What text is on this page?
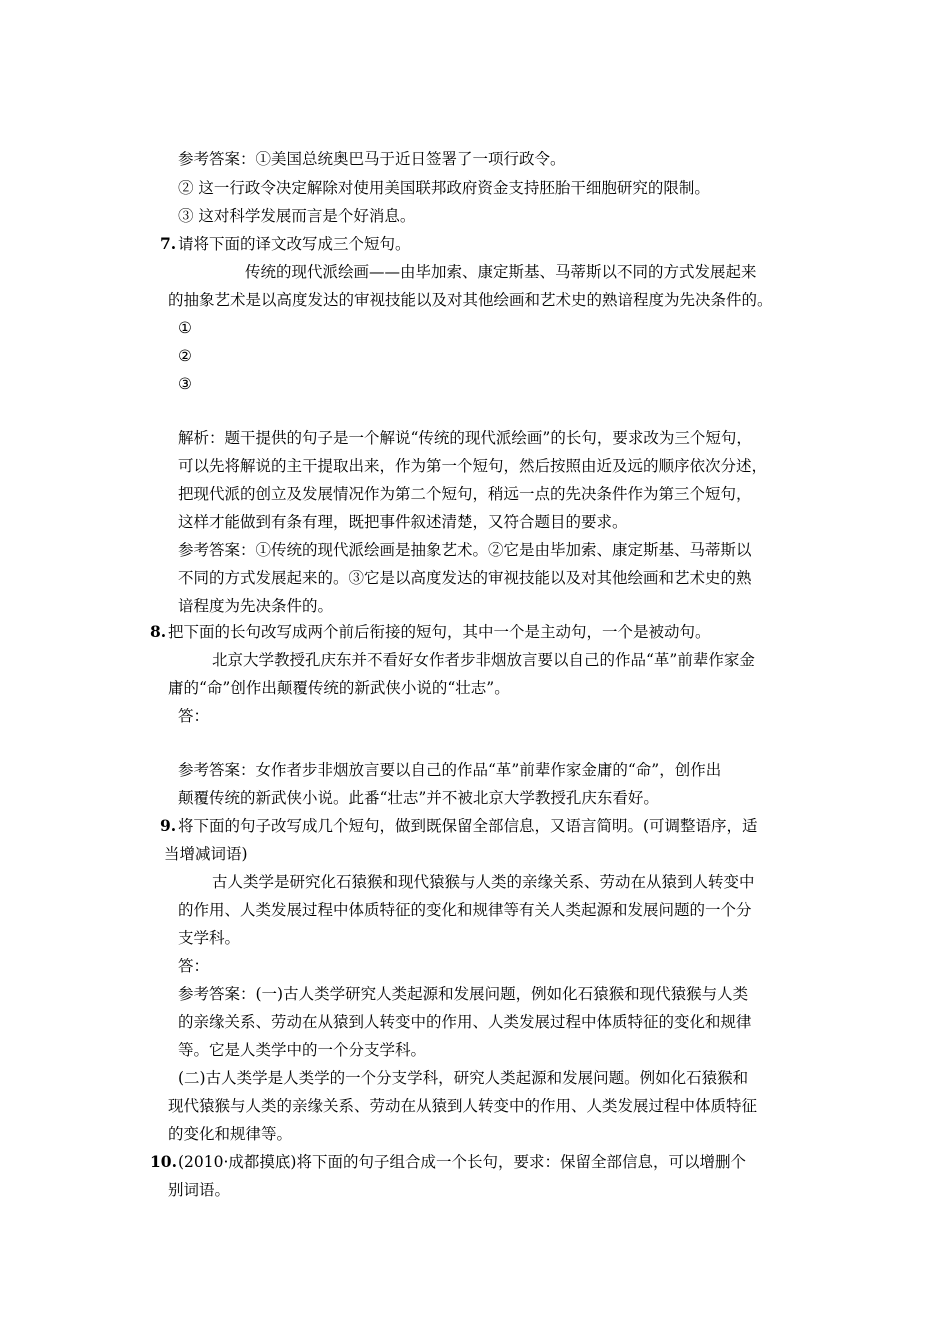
参考答案：①美国总统奥巴马于近日签署了一项行政令。
② 这一行政令决定解除对使用美国联邦政府资金支持胚胎干细胞研究的限制。
③ 这对科学发展而言是个好消息。
7. 请将下面的译文改写成三个短句。
传统的现代派绘画——由毕加索、康定斯基、马蒂斯以不同的方式发展起来
的抽象艺术是以高度发达的审视技能以及对其他绘画和艺术史的熟谙程度为先决条件的。
①
②
③
解析：题干提供的句子是一个解说“传统的现代派绘画”的长句，要求改为三个短句，
可以先将解说的主干提取出来，作为第一个短句，然后按照由近及远的顺序依次分述，
把现代派的创立及发展情况作为第二个短句，稍远一点的先决条件作为第三个短句，
这样才能做到有条有理，既把事件叙述清楚，又符合题目的要求。
参考答案：①传统的现代派绘画是抽象艺术。②它是由毕加索、康定斯基、马蒂斯以
不同的方式发展起来的。③它是以高度发达的审视技能以及对其他绘画和艺术史的熟
谙程度为先决条件的。
8. 把下面的长句改写成两个前后衔接的短句，其中一个是主动句，一个是被动句。
北京大学教授孔庆东并不看好女作者步非烟放言要以自己的作品“革”前辈作家金
庸的“命”创作出颠覆传统的新武侠小说的“壮志”。
答：
参考答案：女作者步非烟放言要以自己的作品“革”前辈作家金庸的“命”，创作出
颠覆传统的新武侠小说。此番“壮志”并不被北京大学教授孔庆东看好。
9. 将下面的句子改写成几个短句，做到既保留全部信息，又语言简明。(可调整语序，适
当增减词语)
古人类学是研究化石猿猴和现代猿猴与人类的亲缘关系、劳动在从猿到人转变中
的作用、人类发展过程中体质特征的变化和规律等有关人类起源和发展问题的一个分
支学科。
答：
参考答案：(一)古人类学研究人类起源和发展问题，例如化石猿猴和现代猿猴与人类
的亲缘关系、劳动在从猿到人转变中的作用、人类发展过程中体质特征的变化和规律
等。它是人类学中的一个分支学科。
(二)古人类学是人类学的一个分支学科，研究人类起源和发展问题。例如化石猿猴和
现代猿猴与人类的亲缘关系、劳动在从猿到人转变中的作用、人类发展过程中体质特征
的变化和规律等。
10. (2010·成都摸底)将下面的句子组合成一个长句，要求：保留全部信息，可以增删个
别词语。
